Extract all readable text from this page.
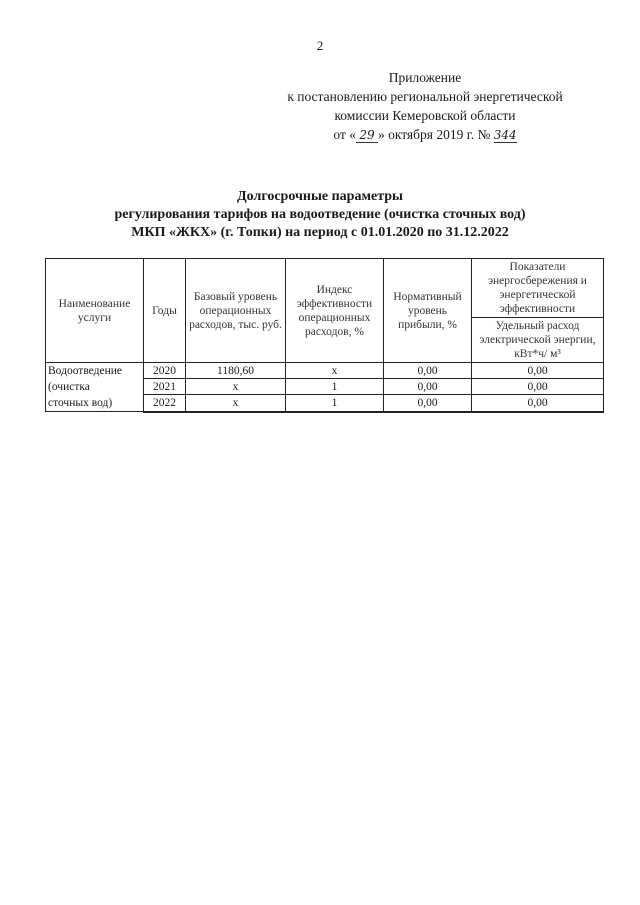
2
Приложение
к постановлению региональной энергетической
комиссии Кемеровской области
от « 29 » октября 2019 г. № 344
Долгосрочные параметры
регулирования тарифов на водоотведение (очистка сточных вод)
МКП «ЖКХ» (г. Топки) на период с 01.01.2020 по 31.12.2022
Наименование услуги	Годы	Базовый уровень операционных расходов, тыс. руб.	Индекс эффективности операционных расходов, %	Нормативный уровень прибыли, %	Показатели энергосбережения и энергетической эффективности
					Удельный расход электрической энергии, кВт*ч/ м³

Водоотведение
(очистка
сточных вод)	2020	1180,60	x	0,00	0,00
	2021	x	1	0,00	0,00
	2022	x	1	0,00	0,00
